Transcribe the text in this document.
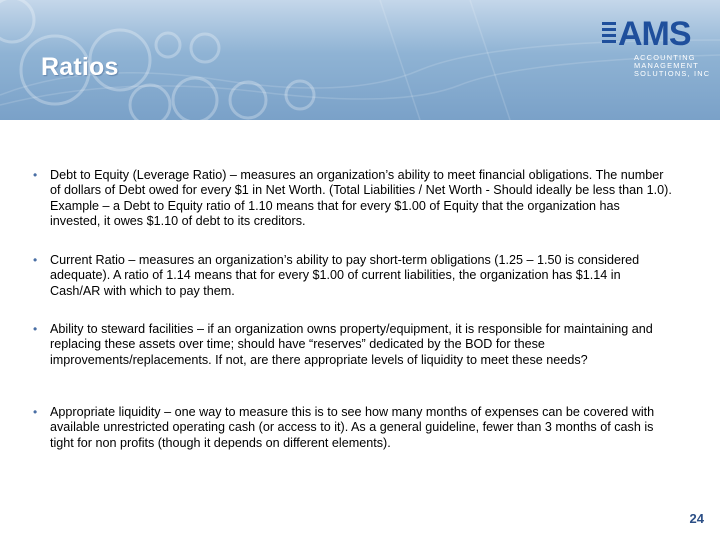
Ratios
AMS
ACCOUNTING
MANAGEMENT
SOLUTIONS, INC
• Debt to Equity (Leverage Ratio) – measures an organization’s ability to meet financial obligations. The number of dollars of Debt owed for every $1 in Net Worth. (Total Liabilities / Net Worth - Should ideally be less than 1.0). Example – a Debt to Equity ratio of 1.10 means that for every $1.00 of Equity that the organization has invested, it owes $1.10 of debt to its creditors.
• Current Ratio – measures an organization’s ability to pay short-term obligations (1.25 – 1.50 is considered adequate). A ratio of 1.14 means that for every $1.00 of current liabilities, the organization has $1.14 in Cash/AR with which to pay them.
• Ability to steward facilities – if an organization owns property/equipment, it is responsible for maintaining and replacing these assets over time; should have “reserves” dedicated by the BOD for these improvements/replacements. If not, are there appropriate levels of liquidity to meet these needs?
• Appropriate liquidity – one way to measure this is to see how many months of expenses can be covered with available unrestricted operating cash (or access to it). As a general guideline, fewer than 3 months of cash is tight for non profits (though it depends on different elements).
24
